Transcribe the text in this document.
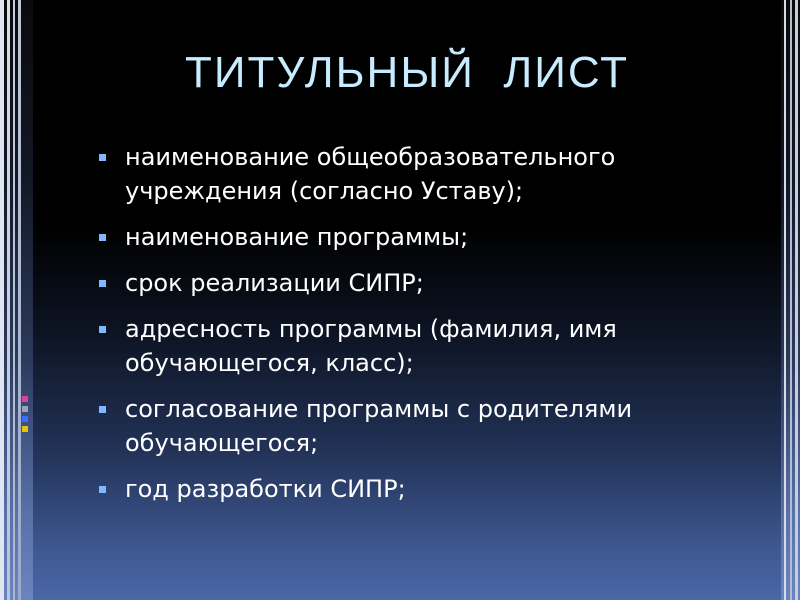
ТИТУЛЬНЫЙ  ЛИСТ
наименование общеобразовательного учреждения (согласно Уставу);
наименование программы;
срок реализации СИПР;
адресность программы (фамилия, имя обучающегося, класс);
согласование программы с родителями обучающегося;
год разработки СИПР;
